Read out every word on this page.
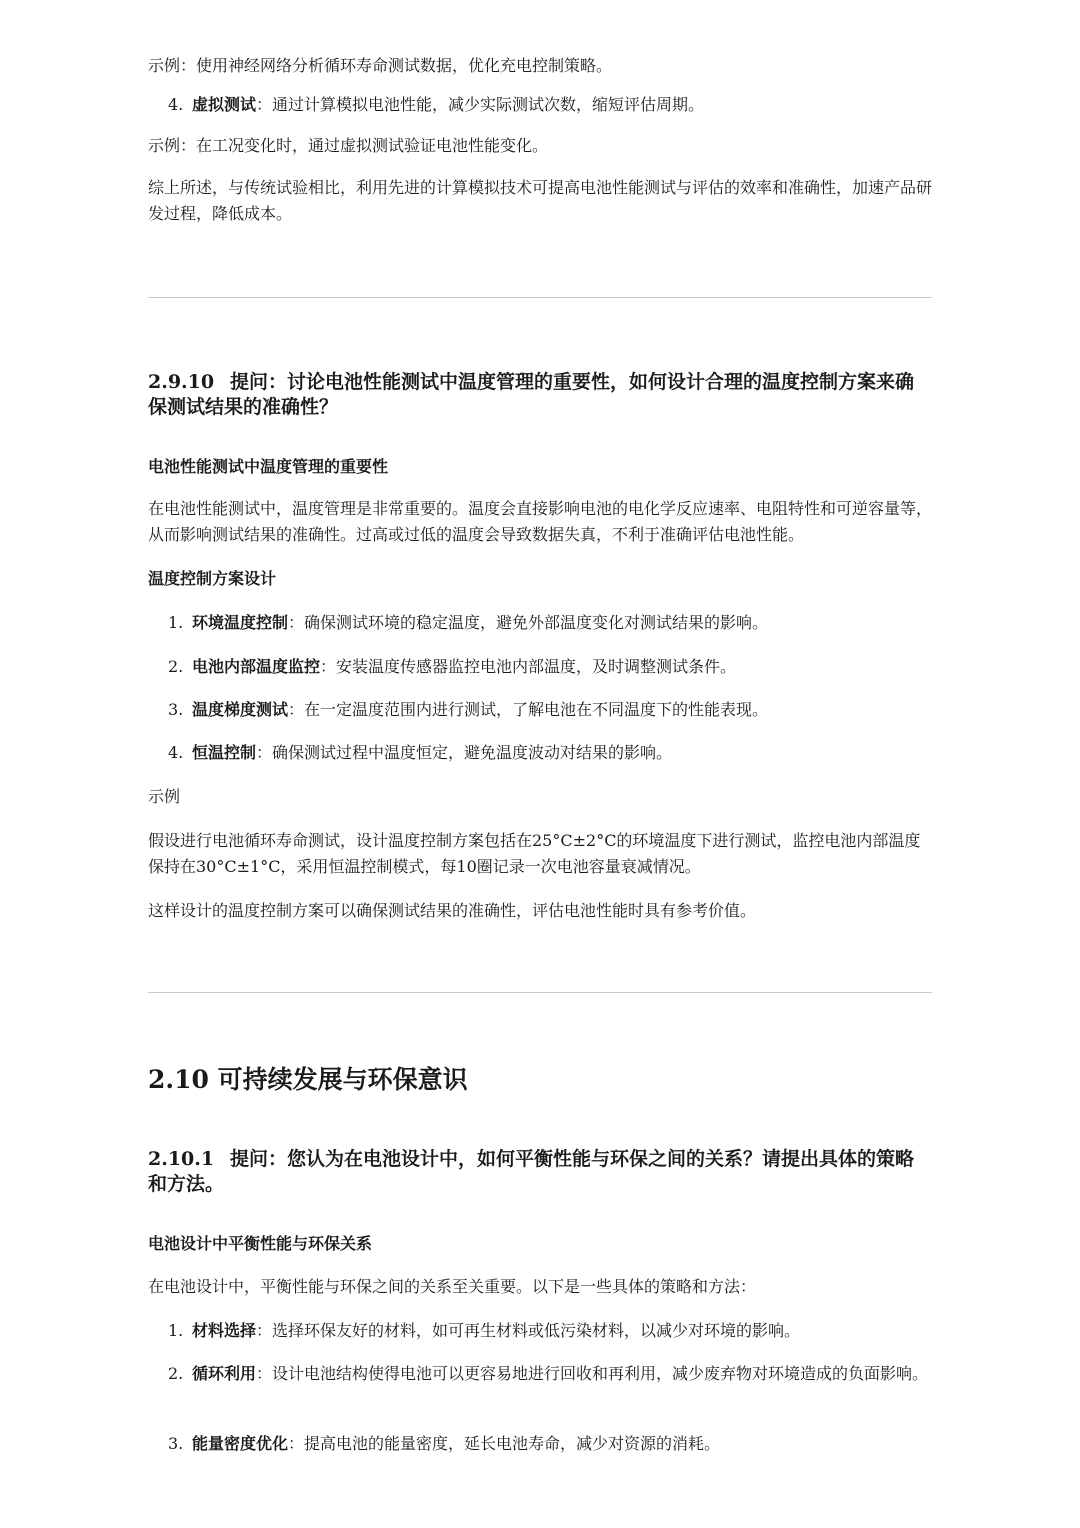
示例：使用神经网络分析循环寿命测试数据，优化充电控制策略。

4. 虚拟测试：通过计算模拟电池性能，减少实际测试次数，缩短评估周期。

示例：在工况变化时，通过虚拟测试验证电池性能变化。

综上所述，与传统试验相比，利用先进的计算模拟技术可提高电池性能测试与评估的效率和准确性，加速产品研发过程，降低成本。

2.9.10 提问：讨论电池性能测试中温度管理的重要性，如何设计合理的温度控制方案来确保测试结果的准确性？
电池性能测试中温度管理的重要性

在电池性能测试中，温度管理是非常重要的。温度会直接影响电池的电化学反应速率、电阻特性和可逆容量等，从而影响测试结果的准确性。过高或过低的温度会导致数据失真，不利于准确评估电池性能。

温度控制方案设计
1. 环境温度控制：确保测试环境的稳定温度，避免外部温度变化对测试结果的影响。
2. 电池内部温度监控：安装温度传感器监控电池内部温度，及时调整测试条件。
3. 温度梯度测试：在一定温度范围内进行测试，了解电池在不同温度下的性能表现。
4. 恒温控制：确保测试过程中温度恒定，避免温度波动对结果的影响。
示例

假设进行电池循环寿命测试，设计温度控制方案包括在25°C±2°C的环境温度下进行测试，监控电池内部温度保持在30°C±1°C，采用恒温控制模式，每10圈记录一次电池容量衰减情况。

这样设计的温度控制方案可以确保测试结果的准确性，评估电池性能时具有参考价值。

2.10 可持续发展与环保意识
2.10.1 提问：您认为在电池设计中，如何平衡性能与环保之间的关系？请提出具体的策略和方法。
电池设计中平衡性能与环保关系

在电池设计中，平衡性能与环保之间的关系至关重要。以下是一些具体的策略和方法：

1. 材料选择：选择环保友好的材料，如可再生材料或低污染材料，以减少对环境的影响。
2. 循环利用：设计电池结构使得电池可以更容易地进行回收和再利用，减少废弃物对环境造成的负面影响。
3. 能量密度优化：提高电池的能量密度，延长电池寿命，减少对资源的消耗。
